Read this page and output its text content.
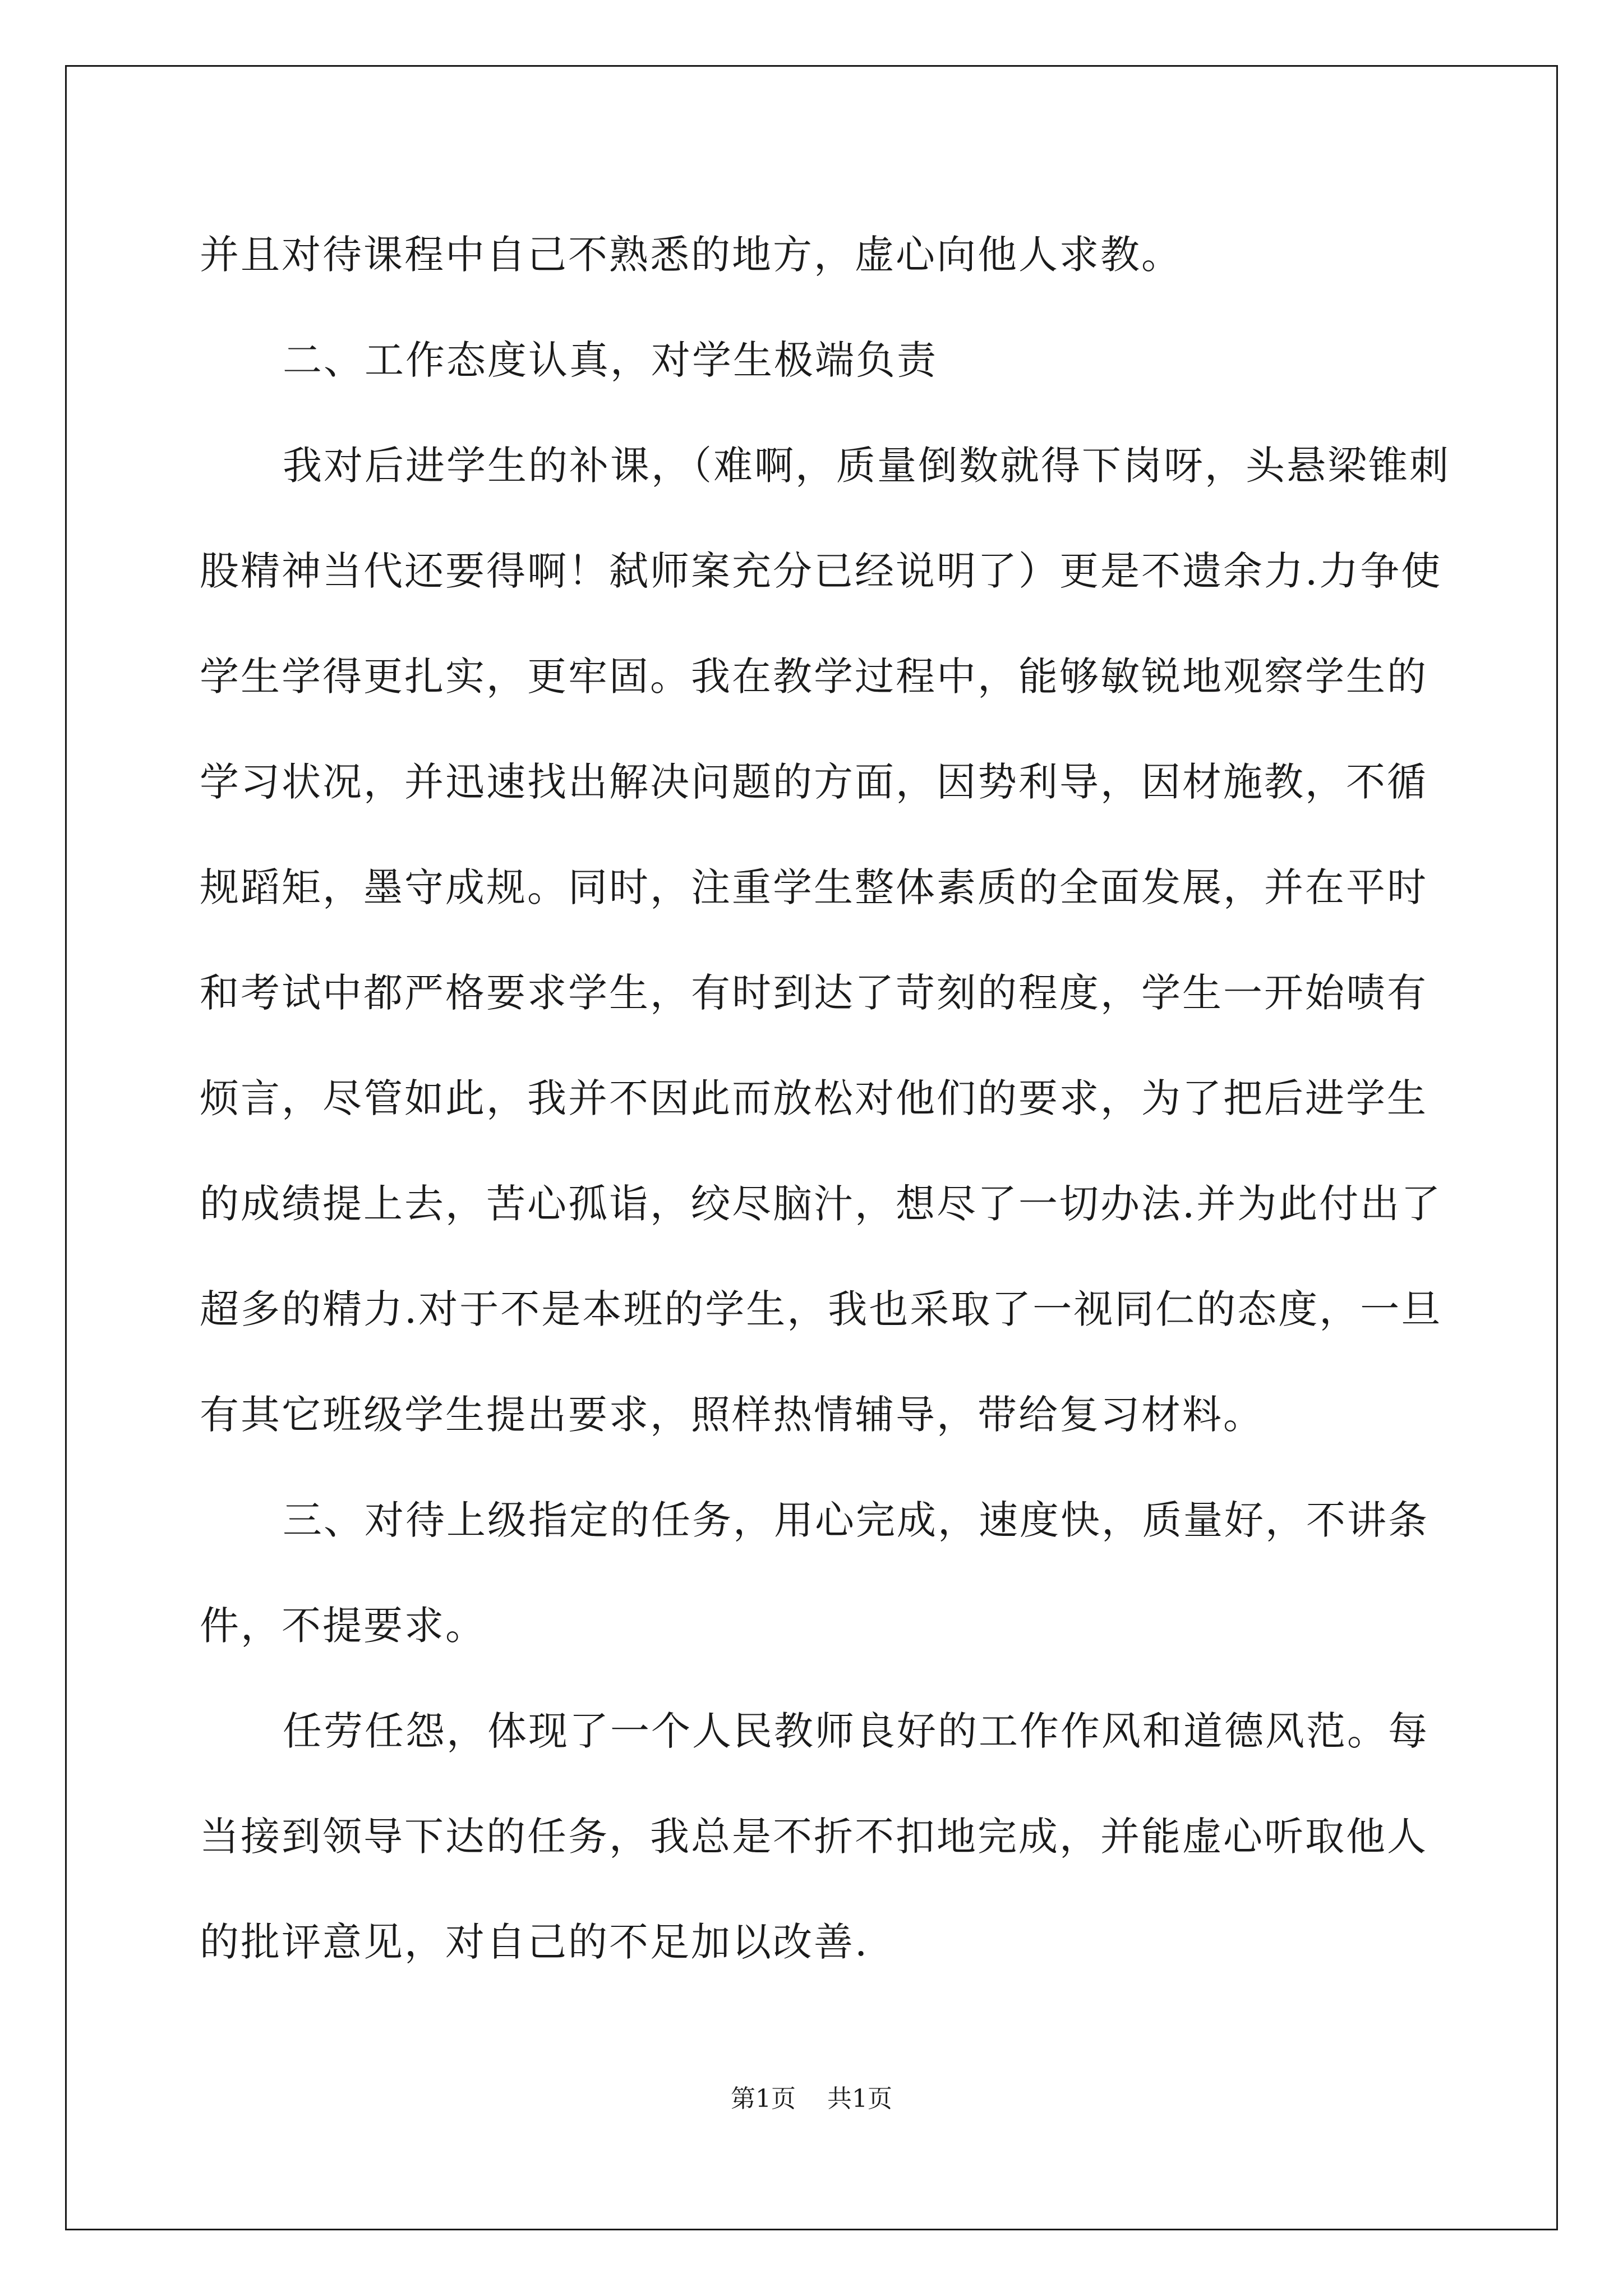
并且对待课程中自己不熟悉的地方，虚心向他人求教。
二、工作态度认真，对学生极端负责
我对后进学生的补课，（难啊，质量倒数就得下岗呀，头悬梁锥刺
股精神当代还要得啊！弑师案充分已经说明了）更是不遗余力.力争使
学生学得更扎实，更牢固。我在教学过程中，能够敏锐地观察学生的
学习状况，并迅速找出解决问题的方面，因势利导，因材施教，不循
规蹈矩，墨守成规。同时，注重学生整体素质的全面发展，并在平时
和考试中都严格要求学生，有时到达了苛刻的程度，学生一开始啧有
烦言，尽管如此，我并不因此而放松对他们的要求，为了把后进学生
的成绩提上去，苦心孤诣，绞尽脑汁，想尽了一切办法.并为此付出了
超多的精力.对于不是本班的学生，我也采取了一视同仁的态度，一旦
有其它班级学生提出要求，照样热情辅导，带给复习材料。
三、对待上级指定的任务，用心完成，速度快，质量好，不讲条
件，不提要求。
任劳任怨，体现了一个人民教师良好的工作作风和道德风范。每
当接到领导下达的任务，我总是不折不扣地完成，并能虚心听取他人
的批评意见，对自己的不足加以改善.
第1页 共1页
